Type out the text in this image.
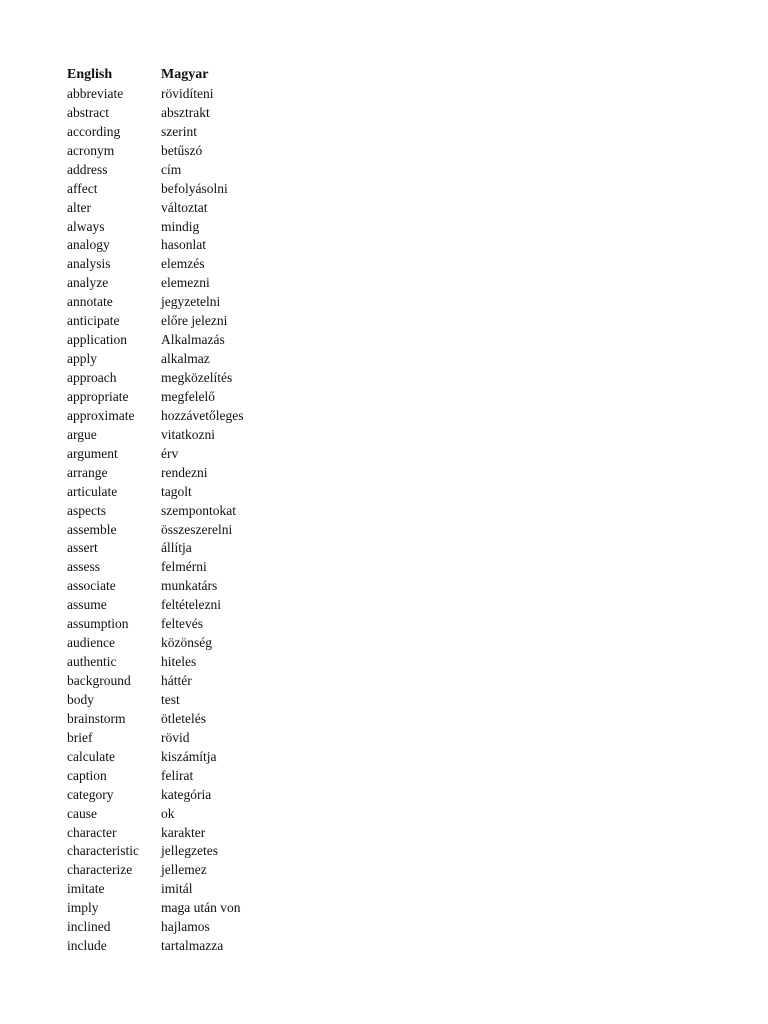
English	Magyar
abbreviate	rövidíteni
abstract	absztrakt
according	szerint
acronym	betűszó
address	cím
affect	befolyásolni
alter	változtat
always	mindig
analogy	hasonlat
analysis	elemzés
analyze	elemezni
annotate	jegyzetelni
anticipate	előre jelezni
application	Alkalmazás
apply	alkalmaz
approach	megközelítés
appropriate	megfelelő
approximate	hozzávetőleges
argue	vitatkozni
argument	érv
arrange	rendezni
articulate	tagolt
aspects	szempontokat
assemble	összeszerelni
assert	állítja
assess	felmérni
associate	munkatárs
assume	feltételezni
assumption	feltevés
audience	közönség
authentic	hiteles
background	háttér
body	test
brainstorm	ötletelés
brief	rövid
calculate	kiszámítja
caption	felirat
category	kategória
cause	ok
character	karakter
characteristic	jellegzetes
characterize	jellemez
imitate	imitál
imply	maga után von
inclined	hajlamos
include	tartalmazza
